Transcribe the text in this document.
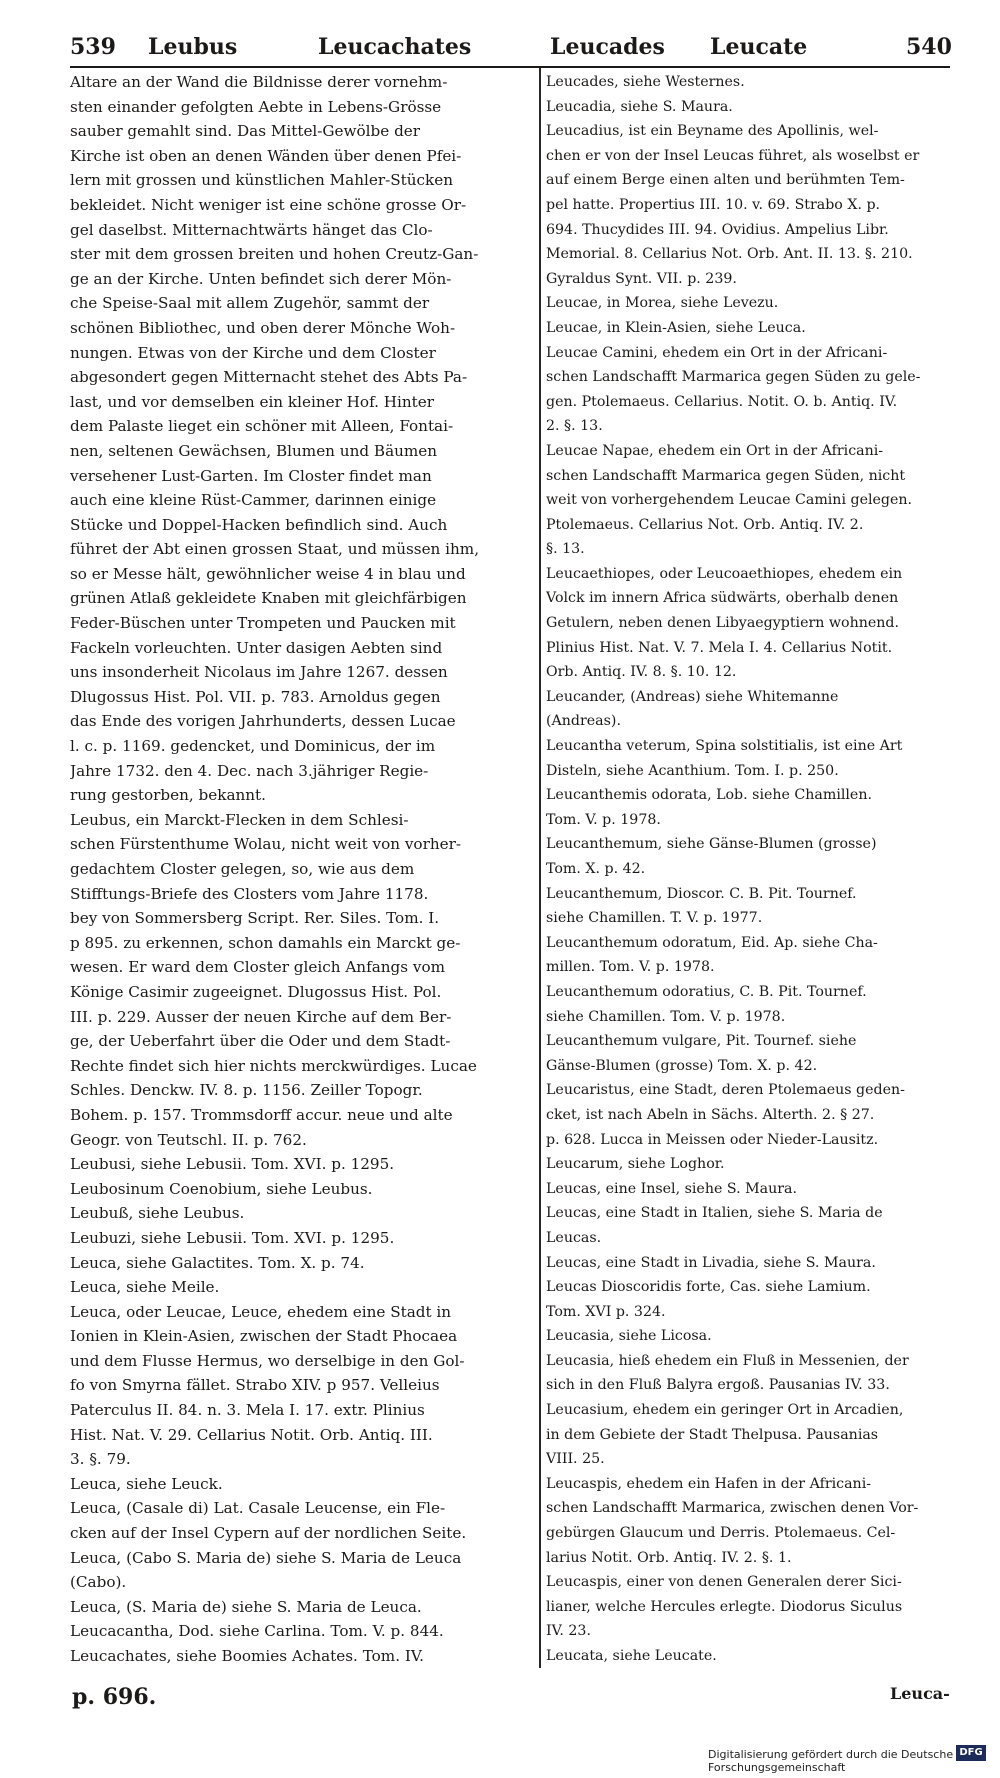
539 Leubus	Leucachates	Leucades Leucate	540
Altare an der Wand die Bildnisse derer vornehm-
sten einander gefolgten Aebte in Lebens-Grösse
sauber gemahlt sind. Das Mittel-Gewölbe der
Kirche ist oben an denen Wänden über denen Pfei-
lern mit grossen und künstlichen Mahler-Stücken
bekleidet. Nicht weniger ist eine schöne grosse Or-
gel daselbst. Mitternachtwärts hänget das Clo-
ster mit dem grossen breiten und hohen Creutz-Gan-
ge an der Kirche. Unten befindet sich derer Mön-
che Speise-Saal mit allem Zugehör, sammt der
schönen Bibliothec, und oben derer Mönche Woh-
nungen. Etwas von der Kirche und dem Closter
abgesondert gegen Mitternacht stehet des Abts Pa-
last, und vor demselben ein kleiner Hof. Hinter
dem Palaste lieget ein schöner mit Alleen, Fontai-
nen, seltenen Gewächsen, Blumen und Bäumen
versehener Lust-Garten. Im Closter findet man
auch eine kleine Rüst-Cammer, darinnen einige
Stücke und Doppel-Hacken befindlich sind. Auch
führet der Abt einen grossen Staat, und müssen ihm,
so er Messe hält, gewöhnlicher weise 4 in blau und
grünen Atlaß gekleidete Knaben mit gleichfärbigen
Feder-Büschen unter Trompeten und Paucken mit
Fackeln vorleuchten. Unter dasigen Aebten sind
uns insonderheit Nicolaus im Jahre 1267. dessen
Dlugossus Hist. Pol. VII. p. 783. Arnoldus gegen
das Ende des vorigen Jahrhunderts, dessen Lucae
l. c. p. 1169. gedencket, und Dominicus, der im
Jahre 1732. den 4. Dec. nach 3.jähriger Regie-
rung gestorben, bekannt.
Leubus, ein Marckt-Flecken in dem Schlesi-
schen Fürstenthume Wolau, nicht weit von vorher-
gedachtem Closter gelegen, so, wie aus dem
Stifftungs-Briefe des Closters vom Jahre 1178.
bey von Sommersberg Script. Rer. Siles. Tom. I.
p 895. zu erkennen, schon damahls ein Marckt ge-
wesen. Er ward dem Closter gleich Anfangs vom
Könige Casimir zugeeignet. Dlugossus Hist. Pol.
III. p. 229. Ausser der neuen Kirche auf dem Ber-
ge, der Ueberfahrt über die Oder und dem Stadt-
Rechte findet sich hier nichts merckwürdiges. Lucae
Schles. Denckw. IV. 8. p. 1156. Zeiller Topogr.
Bohem. p. 157. Trommsdorff accur. neue und alte
Geogr. von Teutschl. II. p. 762.
Leubusi, siehe Lebusii. Tom. XVI. p. 1295.
Leubosinum Coenobium, siehe Leubus.
Leubuß, siehe Leubus.
Leubuzi, siehe Lebusii. Tom. XVI. p. 1295.
Leuca, siehe Galactites. Tom. X. p. 74.
Leuca, siehe Meile.
Leuca, oder Leucae, Leuce, ehedem eine Stadt in
Ionien in Klein-Asien, zwischen der Stadt Phocaea
und dem Flusse Hermus, wo derselbige in den Gol-
fo von Smyrna fället. Strabo XIV. p 957. Velleius
Paterculus II. 84. n. 3. Mela I. 17. extr. Plinius
Hist. Nat. V. 29. Cellarius Notit. Orb. Antiq. III.
3. §. 79.
Leuca, siehe Leuck.
Leuca, (Casale di) Lat. Casale Leucense, ein Fle-
cken auf der Insel Cypern auf der nordlichen Seite.
Leuca, (Cabo S. Maria de) siehe S. Maria de Leuca
(Cabo).
Leuca, (S. Maria de) siehe S. Maria de Leuca.
Leucacantha, Dod. siehe Carlina. Tom. V. p. 844.
Leucachates, siehe Boomies Achates. Tom. IV.
Leucades, siehe Westernes.
Leucadia, siehe S. Maura.
Leucadius, ist ein Beyname des Apollinis, wel-
chen er von der Insel Leucas führet, als woselbst er
auf einem Berge einen alten und berühmten Tem-
pel hatte. Propertius III. 10. v. 69. Strabo X. p.
694. Thucydides III. 94. Ovidius. Ampelius Libr.
Memorial. 8. Cellarius Not. Orb. Ant. II. 13. §. 210.
Gyraldus Synt. VII. p. 239.
Leucae, in Morea, siehe Levezu.
Leucae, in Klein-Asien, siehe Leuca.
Leucae Camini, ehedem ein Ort in der Africani-
schen Landschafft Marmarica gegen Süden zu gele-
gen. Ptolemaeus. Cellarius. Notit. O. b. Antiq. IV.
2. §. 13.
Leucae Napae, ehedem ein Ort in der Africani-
schen Landschafft Marmarica gegen Süden, nicht
weit von vorhergehendem Leucae Camini gelegen.
Ptolemaeus. Cellarius Not. Orb. Antiq. IV. 2.
§. 13.
Leucaethiopes, oder Leucoaethiopes, ehedem ein
Volck im innern Africa südwärts, oberhalb denen
Getulern, neben denen Libyaegyptiern wohnend.
Plinius Hist. Nat. V. 7. Mela I. 4. Cellarius Notit.
Orb. Antiq. IV. 8. §. 10. 12.
Leucander, (Andreas) siehe Whitemanne
(Andreas).
Leucantha veterum, Spina solstitialis, ist eine Art
Disteln, siehe Acanthium. Tom. I. p. 250.
Leucanthemis odorata, Lob. siehe Chamillen.
Tom. V. p. 1978.
Leucanthemum, siehe Gänse-Blumen (grosse)
Tom. X. p. 42.
Leucanthemum, Dioscor. C. B. Pit. Tournef.
siehe Chamillen. T. V. p. 1977.
Leucanthemum odoratum, Eid. Ap. siehe Cha-
millen. Tom. V. p. 1978.
Leucanthemum odoratius, C. B. Pit. Tournef.
siehe Chamillen. Tom. V. p. 1978.
Leucanthemum vulgare, Pit. Tournef. siehe
Gänse-Blumen (grosse) Tom. X. p. 42.
Leucaristus, eine Stadt, deren Ptolemaeus geden-
cket, ist nach Abeln in Sächs. Alterth. 2. § 27.
p. 628. Lucca in Meissen oder Nieder-Lausitz.
Leucarum, siehe Loghor.
Leucas, eine Insel, siehe S. Maura.
Leucas, eine Stadt in Italien, siehe S. Maria de
Leucas.
Leucas, eine Stadt in Livadia, siehe S. Maura.
Leucas Dioscoridis forte, Cas. siehe Lamium.
Tom. XVI p. 324.
Leucasia, siehe Licosa.
Leucasia, hieß ehedem ein Fluß in Messenien, der
sich in den Fluß Balyra ergoß. Pausanias IV. 33.
Leucasium, ehedem ein geringer Ort in Arcadien,
in dem Gebiete der Stadt Thelpusa. Pausanias
VIII. 25.
Leucaspis, ehedem ein Hafen in der Africani-
schen Landschafft Marmarica, zwischen denen Vor-
gebürgen Glaucum und Derris. Ptolemaeus. Cel-
larius Notit. Orb. Antiq. IV. 2. §. 1.
Leucaspis, einer von denen Generalen derer Sici-
lianer, welche Hercules erlegte. Diodorus Siculus
IV. 23.
Leucata, siehe Leucate.
p. 696.	Leuca-
Digitalisierung gefördert durch die Deutsche Forschungsgemeinschaft
DFG
